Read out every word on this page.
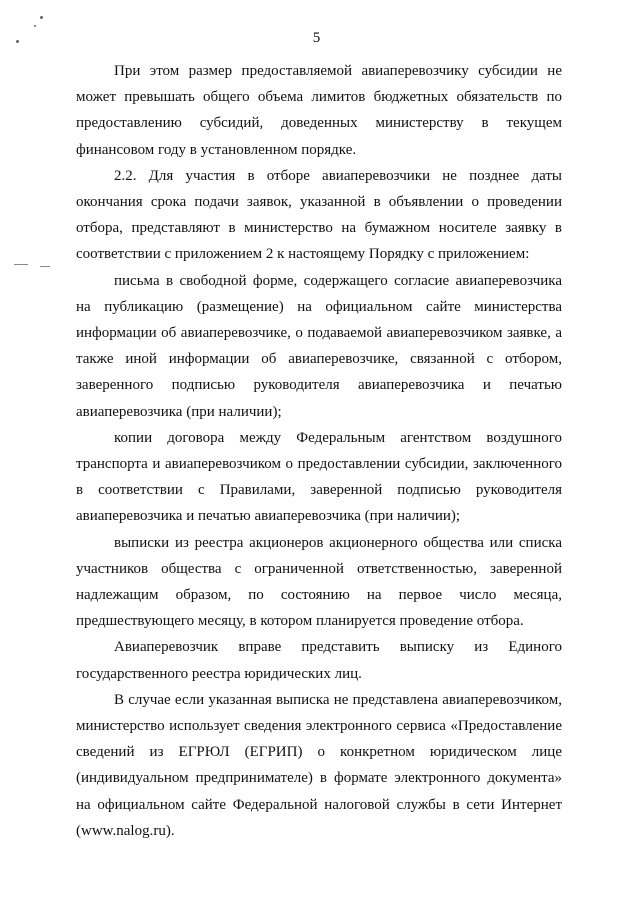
5

При этом размер предоставляемой авиаперевозчику субсидии не может превышать общего объема лимитов бюджетных обязательств по предоставлению субсидий, доведенных министерству в текущем финансовом году в установленном порядке.

2.2. Для участия в отборе авиаперевозчики не позднее даты окончания срока подачи заявок, указанной в объявлении о проведении отбора, представляют в министерство на бумажном носителе заявку в соответствии с приложением 2 к настоящему Порядку с приложением:

письма в свободной форме, содержащего согласие авиаперевозчика на публикацию (размещение) на официальном сайте министерства информации об авиаперевозчике, о подаваемой авиаперевозчиком заявке, а также иной информации об авиаперевозчике, связанной с отбором, заверенного подписью руководителя авиаперевозчика и печатью авиаперевозчика (при наличии);

копии договора между Федеральным агентством воздушного транспорта и авиаперевозчиком о предоставлении субсидии, заключенного в соответствии с Правилами, заверенной подписью руководителя авиаперевозчика и печатью авиаперевозчика (при наличии);

выписки из реестра акционеров акционерного общества или списка участников общества с ограниченной ответственностью, заверенной надлежащим образом, по состоянию на первое число месяца, предшествующего месяцу, в котором планируется проведение отбора.

Авиаперевозчик вправе представить выписку из Единого государственного реестра юридических лиц.

В случае если указанная выписка не представлена авиаперевозчиком, министерство использует сведения электронного сервиса «Предоставление сведений из ЕГРЮЛ (ЕГРИП) о конкретном юридическом лице (индивидуальном предпринимателе) в формате электронного документа» на официальном сайте Федеральной налоговой службы в сети Интернет (www.nalog.ru).
